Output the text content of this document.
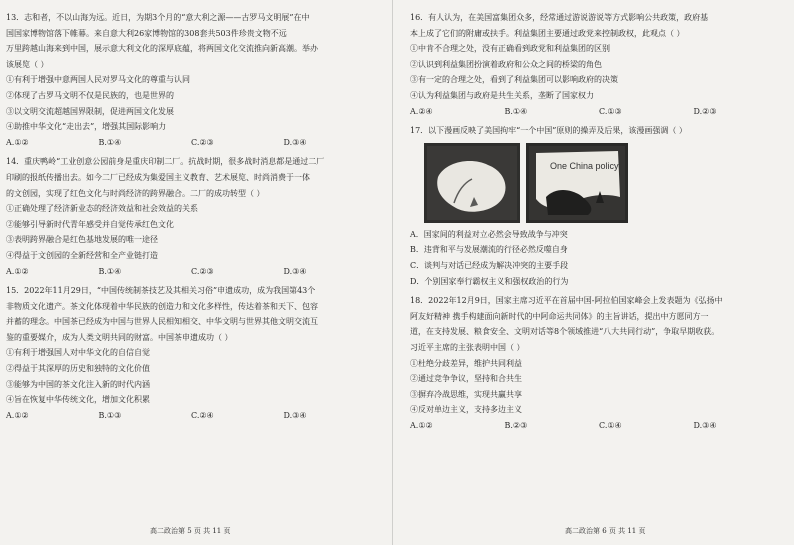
13．志和者，不以山海为远。近日，为期3个月的“意大利之源——古罗马文明展”在中

国国家博物馆落下帷幕。来自意大利26家博物馆的308套共503件珍贵文物不远

万里跨越山海来到中国，展示意大利文化的深厚底蕴，将两国文化交流推向新高潮。举办

该展览（ ）

①有利于增强中意两国人民对罗马文化的尊重与认同

②体现了古罗马文明不仅是民族的，也是世界的

③以文明交流超越国界限制，促进两国文化发展

④助推中华文化“走出去”，增强其国际影响力

A.①②	B.①④	C.②③	D.③④

14．重庆鸭岭“工业创意公园前身是重庆印制二厂。抗战时期，很多战时消息都是通过二厂

印刷的报纸传播出去。如今二厂已经成为集爱国主义教育、艺术展览、时尚消费于一体

的文创园，实现了红色文化与时尚经济的跨界融合。二厂的成功转型（ ）

①正确处理了经济新业态的经济效益和社会效益的关系

②能够引导新时代青年感受并自觉传承红色文化

③表明跨界融合是红色基地发展的唯一途径

④得益于文创园的全新经营和全产业链打造

A.①②	B.①④	C.②③	D.③④

15．2022年11月29日，“中国传统制茶技艺及其相关习俗”申遗成功，成为我国第43个

非物质文化遗产。茶文化体现着中华民族的创造力和文化多样性，传达着茶和天下、包容

并蓄的理念。中国茶已经成为中国与世界人民相知相交、中华文明与世界其他文明交流互

鉴的重要媒介，成为人类文明共同的财富。中国茶申遗成功（ ）

①有利于增强国人对中华文化的自信自觉

②得益于其深厚的历史和独特的文化价值

③能够为中国的茶文化注入新的时代内涵

④旨在恢复中华传统文化，增加文化积累

A.①②	B.①③	C.②④	D.③④

16．有人认为，在美国富集团众多，经常通过游说游说等方式影响公共政策，政府基

本上成了它们的附庸或扶手。利益集团主要通过政党来控制政权，此观点（ ）

①中肯不合理之处，没有正确看到政党和利益集团的区别

②认识到利益集团扮演着政府和公众之间的桥梁的角色

③有一定的合理之处，看到了利益集团可以影响政府的决策

④认为利益集团与政府是共生关系，垄断了国家权力

A.②④	B.①④	C.①③	D.②③

17．以下漫画反映了美国拘牢“一个中国”原则的操弄及后果，该漫画强调（ ）

One China policy

A．国家间的利益对立必然会导致战争与冲突

B．违背和平与发展潮流的行径必然反噬自身

C．谈判与对话已经成为解决冲突的主要手段

D．个别国家奉行霸权主义和强权政治的行为

18．2022年12月9日，国家主席习近平在首届中国-阿拉伯国家峰会上发表题为《弘扬中

阿友好精神 携手构建面向新时代的中阿命运共同体》的主旨讲话，提出中方愿同方一

道，在支持发展、粮食安全、文明对话等8个领域推进“八大共同行动”，争取早期收获。

习近平主席的主张表明中国（ ）

①杜绝分歧差异，维护共同利益

②通过竞争争议，坚持和合共生

③摒弃冷战思维，实现共赢共享

④反对单边主义，支持多边主义

A.①②	B.②③	C.①④	D.③④
高二政治第 5 页 共 11 页	高二政治第 6 页 共 11 页
